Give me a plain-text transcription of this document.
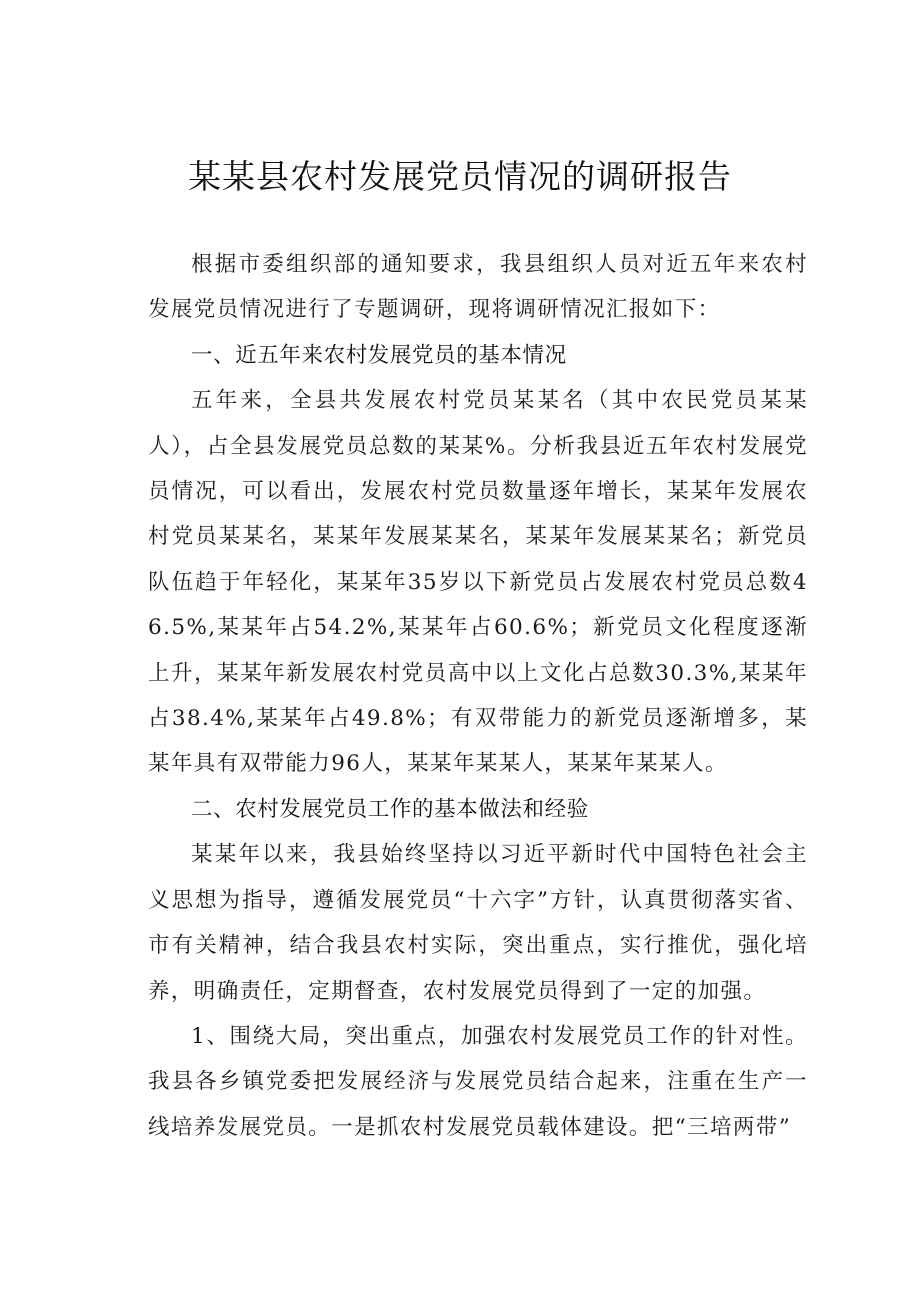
某某县农村发展党员情况的调研报告

根据市委组织部的通知要求，我县组织人员对近五年来农村发展党员情况进行了专题调研，现将调研情况汇报如下：

一、近五年来农村发展党员的基本情况

五年来，全县共发展农村党员某某名（其中农民党员某某人），占全县发展党员总数的某某%。分析我县近五年农村发展党员情况，可以看出，发展农村党员数量逐年增长，某某年发展农村党员某某名，某某年发展某某名，某某年发展某某名；新党员队伍趋于年轻化，某某年35岁以下新党员占发展农村党员总数46.5%,某某年占54.2%,某某年占60.6%；新党员文化程度逐渐上升，某某年新发展农村党员高中以上文化占总数30.3%,某某年占38.4%,某某年占49.8%；有双带能力的新党员逐渐增多，某某年具有双带能力96人，某某年某某人，某某年某某人。

二、农村发展党员工作的基本做法和经验

某某年以来，我县始终坚持以习近平新时代中国特色社会主义思想为指导，遵循发展党员“十六字”方针，认真贯彻落实省、市有关精神，结合我县农村实际，突出重点，实行推优，强化培养，明确责任，定期督查，农村发展党员得到了一定的加强。

1、围绕大局，突出重点，加强农村发展党员工作的针对性。我县各乡镇党委把发展经济与发展党员结合起来，注重在生产一线培养发展党员。一是抓农村发展党员载体建设。把“三培两带”
